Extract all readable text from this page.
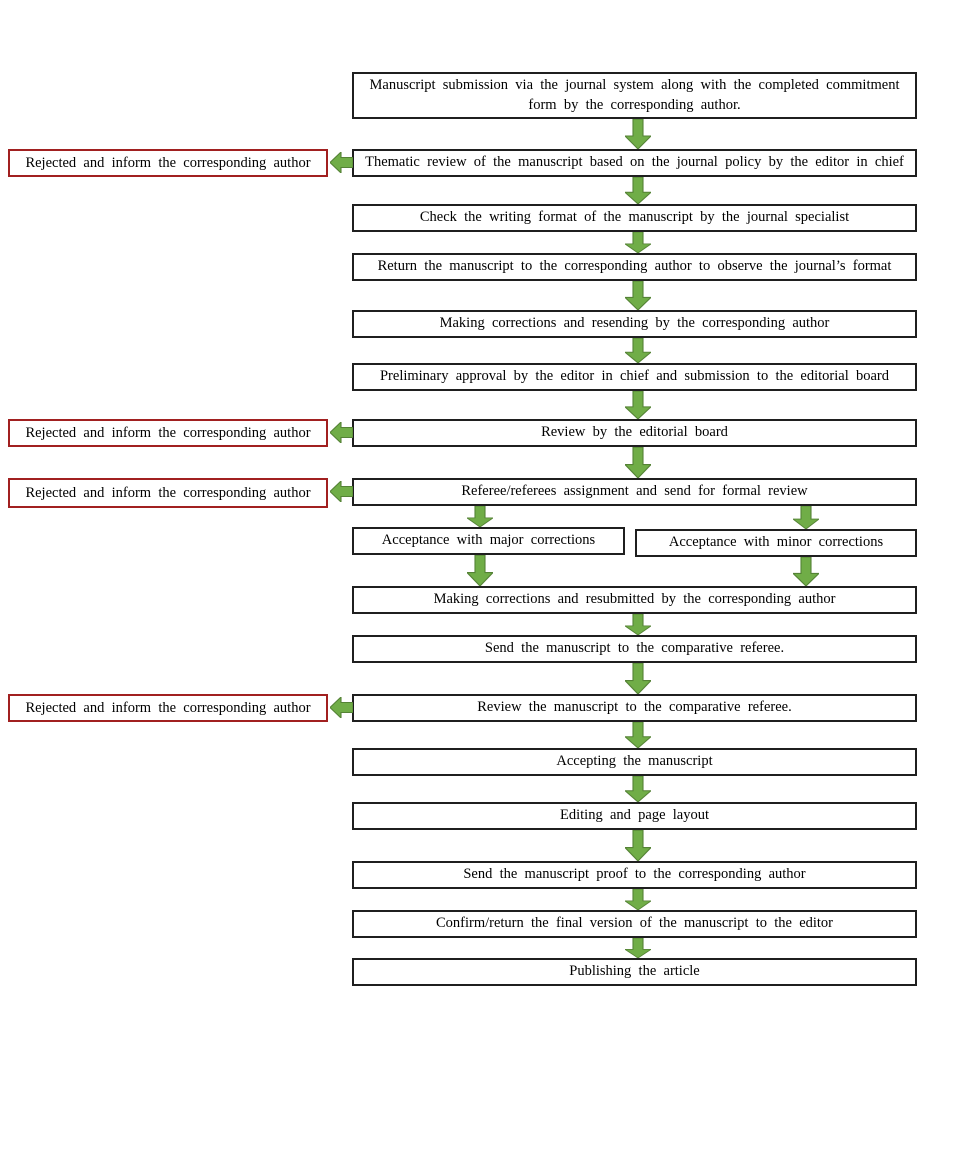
Manuscript submission via the journal system along with the completed commitment form by the corresponding author.
Thematic review of the manuscript based on the journal policy by the editor in chief
Check the writing format of the manuscript by the journal specialist
Return the manuscript to the corresponding author to observe the journal’s format
Making corrections and resending by the corresponding author
Preliminary approval by the editor in chief and submission to the editorial board
Review by the editorial board
Referee/referees assignment and send for formal review
Acceptance with major corrections	Acceptance with minor corrections
Making corrections and resubmitted by the corresponding author
Send the manuscript to the comparative referee.
Review the manuscript to the comparative referee.
Accepting the manuscript
Editing and page layout
Send the manuscript proof to the corresponding author
Confirm/return the final version of the manuscript to the editor
Publishing the article
Rejected and inform the corresponding author
Rejected and inform the corresponding author
Rejected and inform the corresponding author
Rejected and inform the corresponding author
